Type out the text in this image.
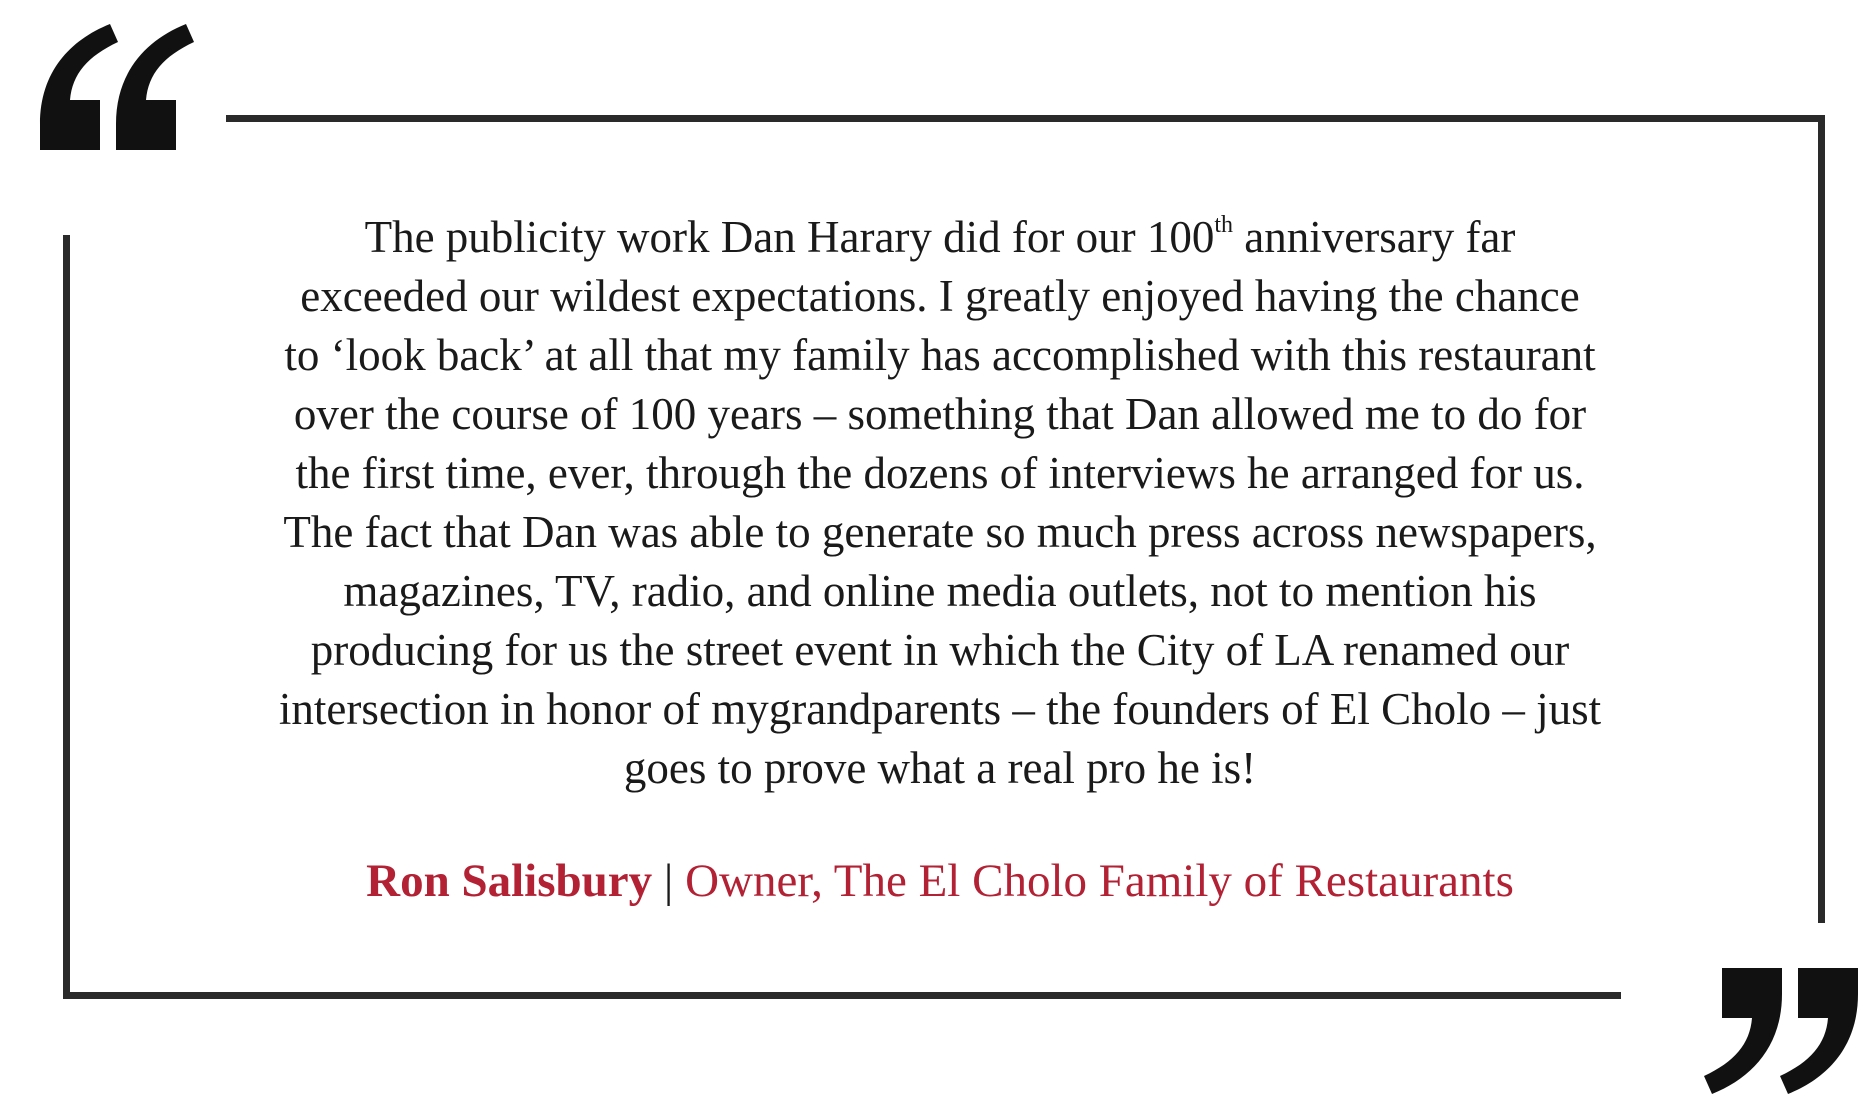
The publicity work Dan Harary did for our 100th anniversary far
exceeded our wildest expectations. I greatly enjoyed having the chance
to ‘look back’ at all that my family has accomplished with this restaurant
over the course of 100 years – something that Dan allowed me to do for
the first time, ever, through the dozens of interviews he arranged for us.
The fact that Dan was able to generate so much press across newspapers,
magazines, TV, radio, and online media outlets, not to mention his
producing for us the street event in which the City of LA renamed our
intersection in honor of mygrandparents – the founders of El Cholo – just
goes to prove what a real pro he is!
Ron Salisbury | Owner, The El Cholo Family of Restaurants
